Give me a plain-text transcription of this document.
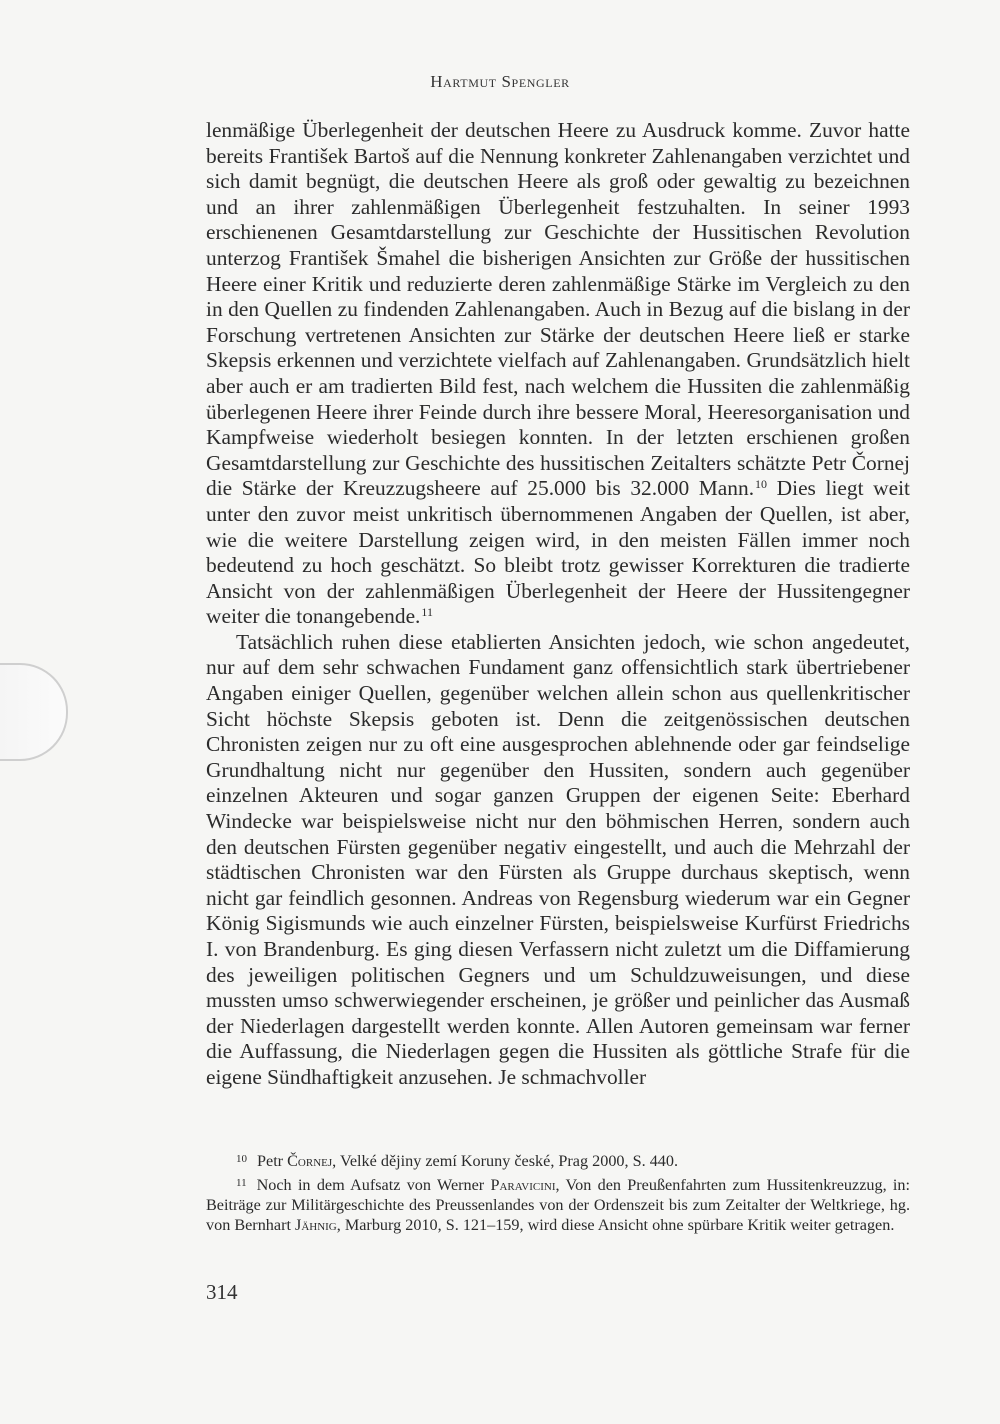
Hartmut Spengler

lenmäßige Überlegenheit der deutschen Heere zu Ausdruck komme. Zuvor hatte bereits František Bartoš auf die Nennung konkreter Zahlenangaben verzichtet und sich damit begnügt, die deutschen Heere als groß oder gewaltig zu bezeichnen und an ihrer zahlenmäßigen Überlegenheit festzuhalten. In seiner 1993 erschienenen Gesamtdarstellung zur Geschichte der Hussitischen Revolution unterzog František Šmahel die bisherigen Ansichten zur Größe der hussitischen Heere einer Kritik und reduzierte deren zahlenmäßige Stärke im Vergleich zu den in den Quellen zu findenden Zahlenangaben. Auch in Bezug auf die bislang in der Forschung vertretenen Ansichten zur Stärke der deutschen Heere ließ er starke Skepsis erkennen und verzichtete vielfach auf Zahlenangaben. Grundsätzlich hielt aber auch er am tradierten Bild fest, nach welchem die Hussiten die zahlenmäßig überlegenen Heere ihrer Feinde durch ihre bessere Moral, Heeresorganisation und Kampfweise wiederholt besiegen konnten. In der letzten erschienen großen Gesamtdarstellung zur Geschichte des hussitischen Zeitalters schätzte Petr Čornej die Stärke der Kreuzzugsheere auf 25.000 bis 32.000 Mann.$^{10}$ Dies liegt weit unter den zuvor meist unkritisch übernommenen Angaben der Quellen, ist aber, wie die weitere Darstellung zeigen wird, in den meisten Fällen immer noch bedeutend zu hoch geschätzt. So bleibt trotz gewisser Korrekturen die tradierte Ansicht von der zahlenmäßigen Überlegenheit der Heere der Hussitengegner weiter die tonangebende.$^{11}$

Tatsächlich ruhen diese etablierten Ansichten jedoch, wie schon angedeutet, nur auf dem sehr schwachen Fundament ganz offensichtlich stark übertriebener Angaben einiger Quellen, gegenüber welchen allein schon aus quellenkritischer Sicht höchste Skepsis geboten ist. Denn die zeitgenössischen deutschen Chronisten zeigen nur zu oft eine ausgesprochen ablehnende oder gar feindselige Grundhaltung nicht nur gegenüber den Hussiten, sondern auch gegenüber einzelnen Akteuren und sogar ganzen Gruppen der eigenen Seite: Eberhard Windecke war beispielsweise nicht nur den böhmischen Herren, sondern auch den deutschen Fürsten gegenüber negativ eingestellt, und auch die Mehrzahl der städtischen Chronisten war den Fürsten als Gruppe durchaus skeptisch, wenn nicht gar feindlich gesonnen. Andreas von Regensburg wiederum war ein Gegner König Sigismunds wie auch einzelner Fürsten, beispielsweise Kurfürst Friedrichs I. von Brandenburg. Es ging diesen Verfassern nicht zuletzt um die Diffamierung des jeweiligen politischen Gegners und um Schuldzuweisungen, und diese mussten umso schwerwiegender erscheinen, je größer und peinlicher das Ausmaß der Niederlagen dargestellt werden konnte. Allen Autoren gemeinsam war ferner die Auffassung, die Niederlagen gegen die Hussiten als göttliche Strafe für die eigene Sündhaftigkeit anzusehen. Je schmachvoller

10 Petr Čornej, Velké dějiny zemí Koruny české, Prag 2000, S. 440.
11 Noch in dem Aufsatz von Werner Paravicini, Von den Preußenfahrten zum Hussitenkreuzzug, in: Beiträge zur Militärgeschichte des Preussenlandes von der Ordenszeit bis zum Zeitalter der Weltkriege, hg. von Bernhart Jähnig, Marburg 2010, S. 121–159, wird diese Ansicht ohne spürbare Kritik weiter getragen.
314
